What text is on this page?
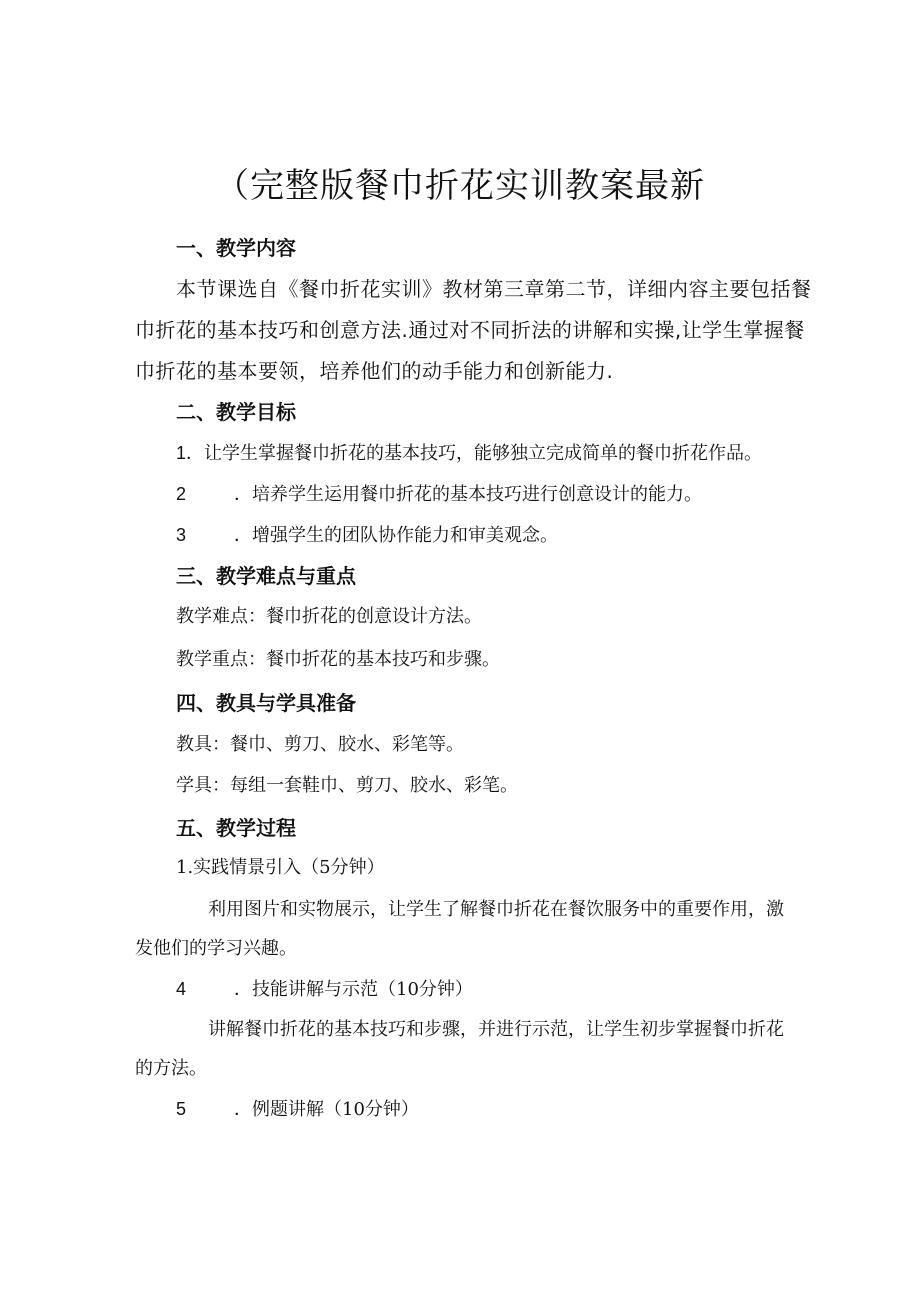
（完整版餐巾折花实训教案最新
一、教学内容
本节课选自《餐巾折花实训》教材第三章第二节，详细内容主要包括餐
巾折花的基本技巧和创意方法.通过对不同折法的讲解和实操,让学生掌握餐
巾折花的基本要领，培养他们的动手能力和创新能力.
二、教学目标
1．让学生掌握餐巾折花的基本技巧，能够独立完成简单的餐巾折花作品。
2	．培养学生运用餐巾折花的基本技巧进行创意设计的能力。
3	．增强学生的团队协作能力和审美观念。
三、教学难点与重点
教学难点：餐巾折花的创意设计方法。
教学重点：餐巾折花的基本技巧和步骤。
四、教具与学具准备
教具：餐巾、剪刀、胶水、彩笔等。
学具：每组一套鞋巾、剪刀、胶水、彩笔。
五、教学过程
1.实践情景引入（5分钟）
利用图片和实物展示，让学生了解餐巾折花在餐饮服务中的重要作用，激
发他们的学习兴趣。
4	．技能讲解与示范（10分钟）
讲解餐巾折花的基本技巧和步骤，并进行示范，让学生初步掌握餐巾折花
的方法。
5	．例题讲解（10分钟）
